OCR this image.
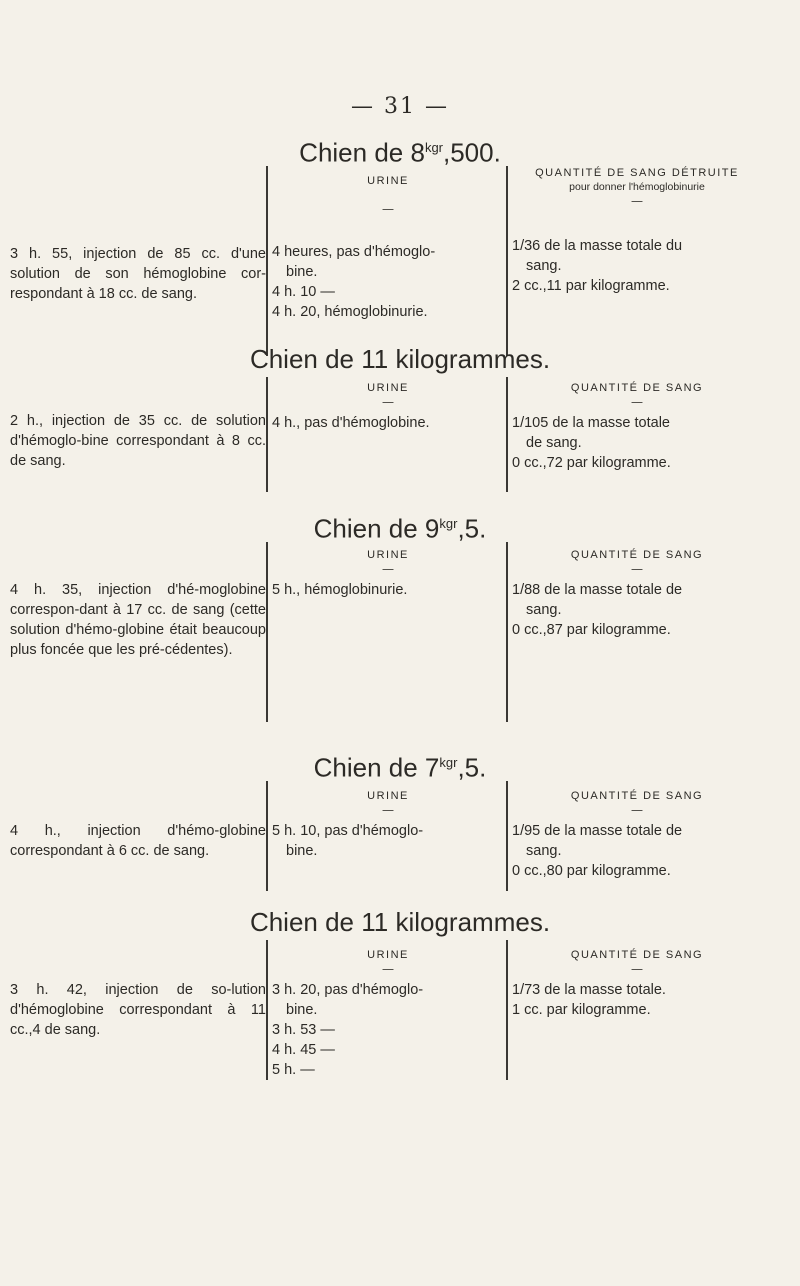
— 31 —
Chien de $8^{kgr},500$.
3 h. 55, injection de 85 cc. d'une solution de son hémoglobine cor-respondant à 18 cc. de sang.
URINE
—
4 heures, pas d'hémoglo-
bine.
4 h. 10 —
4 h. 20, hémoglobinurie.
QUANTITÉ DE SANG DÉTRUITE
pour donner l'hémoglobinurie
—
1/36 de la masse totale du
sang.
2 cc.,11 par kilogramme.
Chien de 11 kilogrammes.
2 h., injection de 35 cc. de solution d'hémoglo-bine correspondant à 8 cc. de sang.
URINE
—
4 h., pas d'hémoglobine.
QUANTITÉ DE SANG
—
1/105 de la masse totale
de sang.
0 cc.,72 par kilogramme.
Chien de $9^{kgr},5$.
4 h. 35, injection d'hé-moglobine correspon-dant à 17 cc. de sang (cette solution d'hémo-globine était beaucoup plus foncée que les pré-cédentes).
URINE
—
5 h., hémoglobinurie.
QUANTITÉ DE SANG
—
1/88 de la masse totale de
sang.
0 cc.,87 par kilogramme.
Chien de $7^{kgr},5$.
4 h., injection d'hémo-globine correspondant à 6 cc. de sang.
URINE
—
5 h. 10, pas d'hémoglo-
bine.
QUANTITÉ DE SANG
—
1/95 de la masse totale de
sang.
0 cc.,80 par kilogramme.
Chien de 11 kilogrammes.
3 h. 42, injection de so-lution d'hémoglobine correspondant à 11 cc.,4 de sang.
URINE
—
3 h. 20, pas d'hémoglo-
bine.
3 h. 53 —
4 h. 45 —
5 h. —
QUANTITÉ DE SANG
—
1/73 de la masse totale.
1 cc. par kilogramme.
